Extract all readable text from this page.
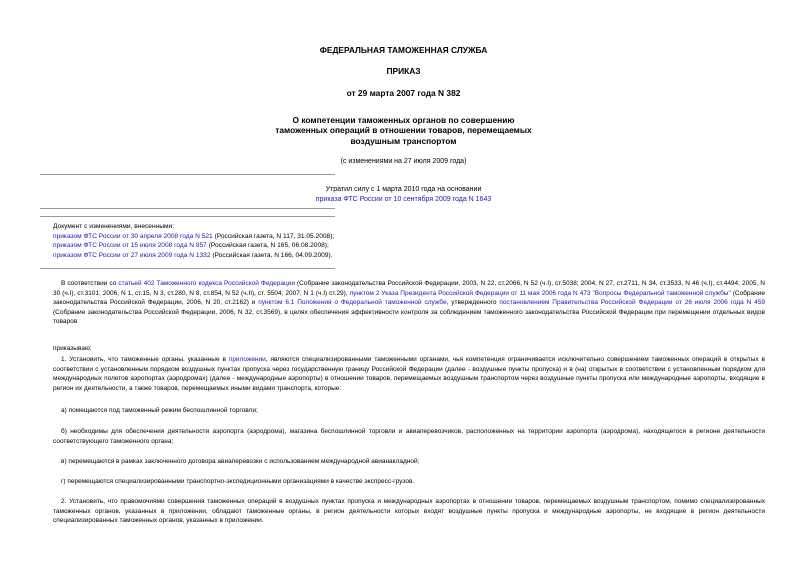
ФЕДЕРАЛЬНАЯ ТАМОЖЕННАЯ СЛУЖБА
ПРИКАЗ
от 29 марта 2007 года N 382
О компетенции таможенных органов по совершению
таможенных операций в отношении товаров, перемещаемых
воздушным транспортом
(с изменениями на 27 июля 2009 года)
Утратил силу с 1 марта 2010 года на основании
приказа ФТС России от 10 сентября 2009 года N 1643
Документ с изменениями, внесенными:
приказом ФТС России от 30 апреля 2008 года N 521 (Российская газета, N 117, 31.05.2008);
приказом ФТС России от 15 июля 2008 года N 857 (Российская газета, N 165, 06.08.2008);
приказом ФТС России от 27 июля 2009 года N 1332 (Российская газета, N 166, 04.09.2009).
В соответствии со статьей 402 Таможенного кодекса Российской Федерации (Собрание законодательства Российской Федерации, 2003, N 22, ст.2066, N 52 (ч.I), ст.5038; 2004, N 27, ст.2711, N 34, ст.3533, N 46 (ч.I), ст.4494; 2005, N 30 (ч.I), ст.3101; 2006, N 1, ст.15, N 3, ст.280, N 8, ст.854, N 52 (ч.II), ст. 5504; 2007, N 1 (ч.I) ст.29), пунктом 2 Указа Президента Российской Федерации от 11 мая 2006 года N 473 "Вопросы Федеральной таможенной службы" (Собрание законодательства Российской Федерации, 2006, N 20, ст.2162) и пунктом 6.1 Положения о Федеральной таможенной службе, утвержденного постановлением Правительства Российской Федерации от 26 июля 2006 года N 459 (Собрание законодательства Российской Федерации, 2006, N 32, ст.3569), в целях обеспечения эффективности контроля за соблюдением таможенного законодательства Российской Федерации при перемещении отдельных видов товаров
приказываю:
1. Установить, что таможенные органы, указанные в приложении, являются специализированными таможенными органами, чья компетенция ограничивается исключительно совершением таможенных операций в открытых в соответствии с установленным порядком воздушных пунктах пропуска через государственную границу Российской Федерации (далее - воздушные пункты пропуска) и в (на) открытых в соответствии с установленным порядком для международных полетов аэропортах (аэродромах) (далее - международные аэропорты) в отношении товаров, перемещаемых воздушным транспортом через воздушные пункты пропуска или международные аэропорты, входящие в регион их деятельности, а также товаров, перемещаемых иными видами транспорта, которые:
а) помещаются под таможенный режим беспошлинной торговли;
б) необходимы для обеспечения деятельности аэропорта (аэродрома), магазина беспошлинной торговли и авиаперевозчиков, расположенных на территории аэропорта (аэродрома), находящегося в регионе деятельности соответствующего таможенного органа;
в) перемещаются в рамках заключенного договора авиаперевозки с использованием международной авианакладной;
г) перемещаются специализированными транспортно-экспедиционными организациями в качестве экспресс-грузов.
2. Установить, что правомочиями совершения таможенных операций в воздушных пунктах пропуска и международных аэропортах в отношении товаров, перемещаемых воздушным транспортом, помимо специализированных таможенных органов, указанных в приложении, обладают таможенные органы, в регион деятельности которых входят воздушные пункты пропуска и международные аэропорты, не входящие в регион деятельности специализированных таможенных органов, указанных в приложении.
